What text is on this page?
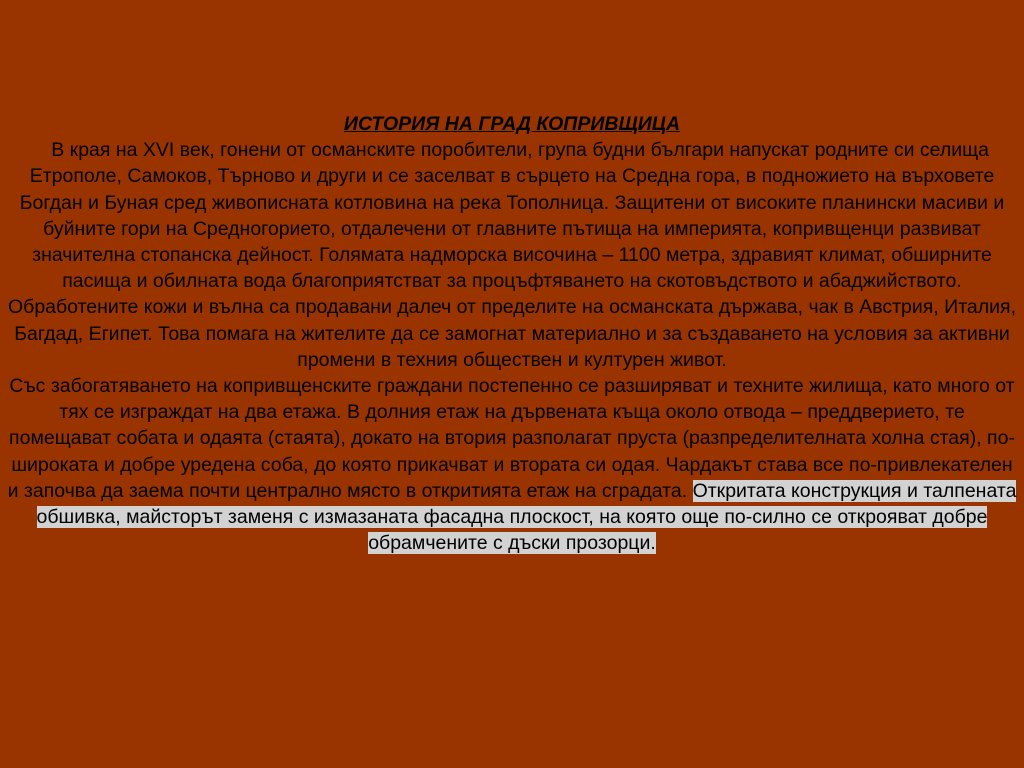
ИСТОРИЯ НА ГРАД КОПРИВЩИЦА

В края на XVI век, гонени от османските поробители, група будни българи напускат родните си селища Етрополе, Самоков, Търново и други и се заселват в сърцето на Средна гора, в подножието на върховете Богдан и Буная сред живописната котловина на река Тополница. Защитени от високите планински масиви и буйните гори на Средногорието, отдалечени от главните пътища на империята, копривщенци развиват значителна стопанска дейност. Голямата надморска височина – 1100 метра, здравият климат, обширните пасища и обилната вода благоприятстват за процъфтяването на скотовъдството и абаджийството. Обработените кожи и вълна са продавани далеч от пределите на османската държава, чак в Австрия, Италия, Багдад, Египет. Това помага на жителите да се замогнат материално и за създаването на условия за активни промени в техния обществен и културен живот.
Със забогатяването на копривщенските граждани постепенно се разширяват и техните жилища, като много от тях се изграждат на два етажа. В долния етаж на дървената къща около отвода – преддверието, те помещават собата и одаята (стаята), докато на втория разполагат пруста (разпределителната холна стая), по-широката и добре уредена соба, до която прикачват и втората си одая. Чардакът става все по-привлекателен и започва да заема почти централно място в откритията етаж на сградата. Откритата конструкция и талпената обшивка, майсторът заменя с измазаната фасадна плоскост, на която още по-силно се открояват добре обрамчените с дъски прозорци.
